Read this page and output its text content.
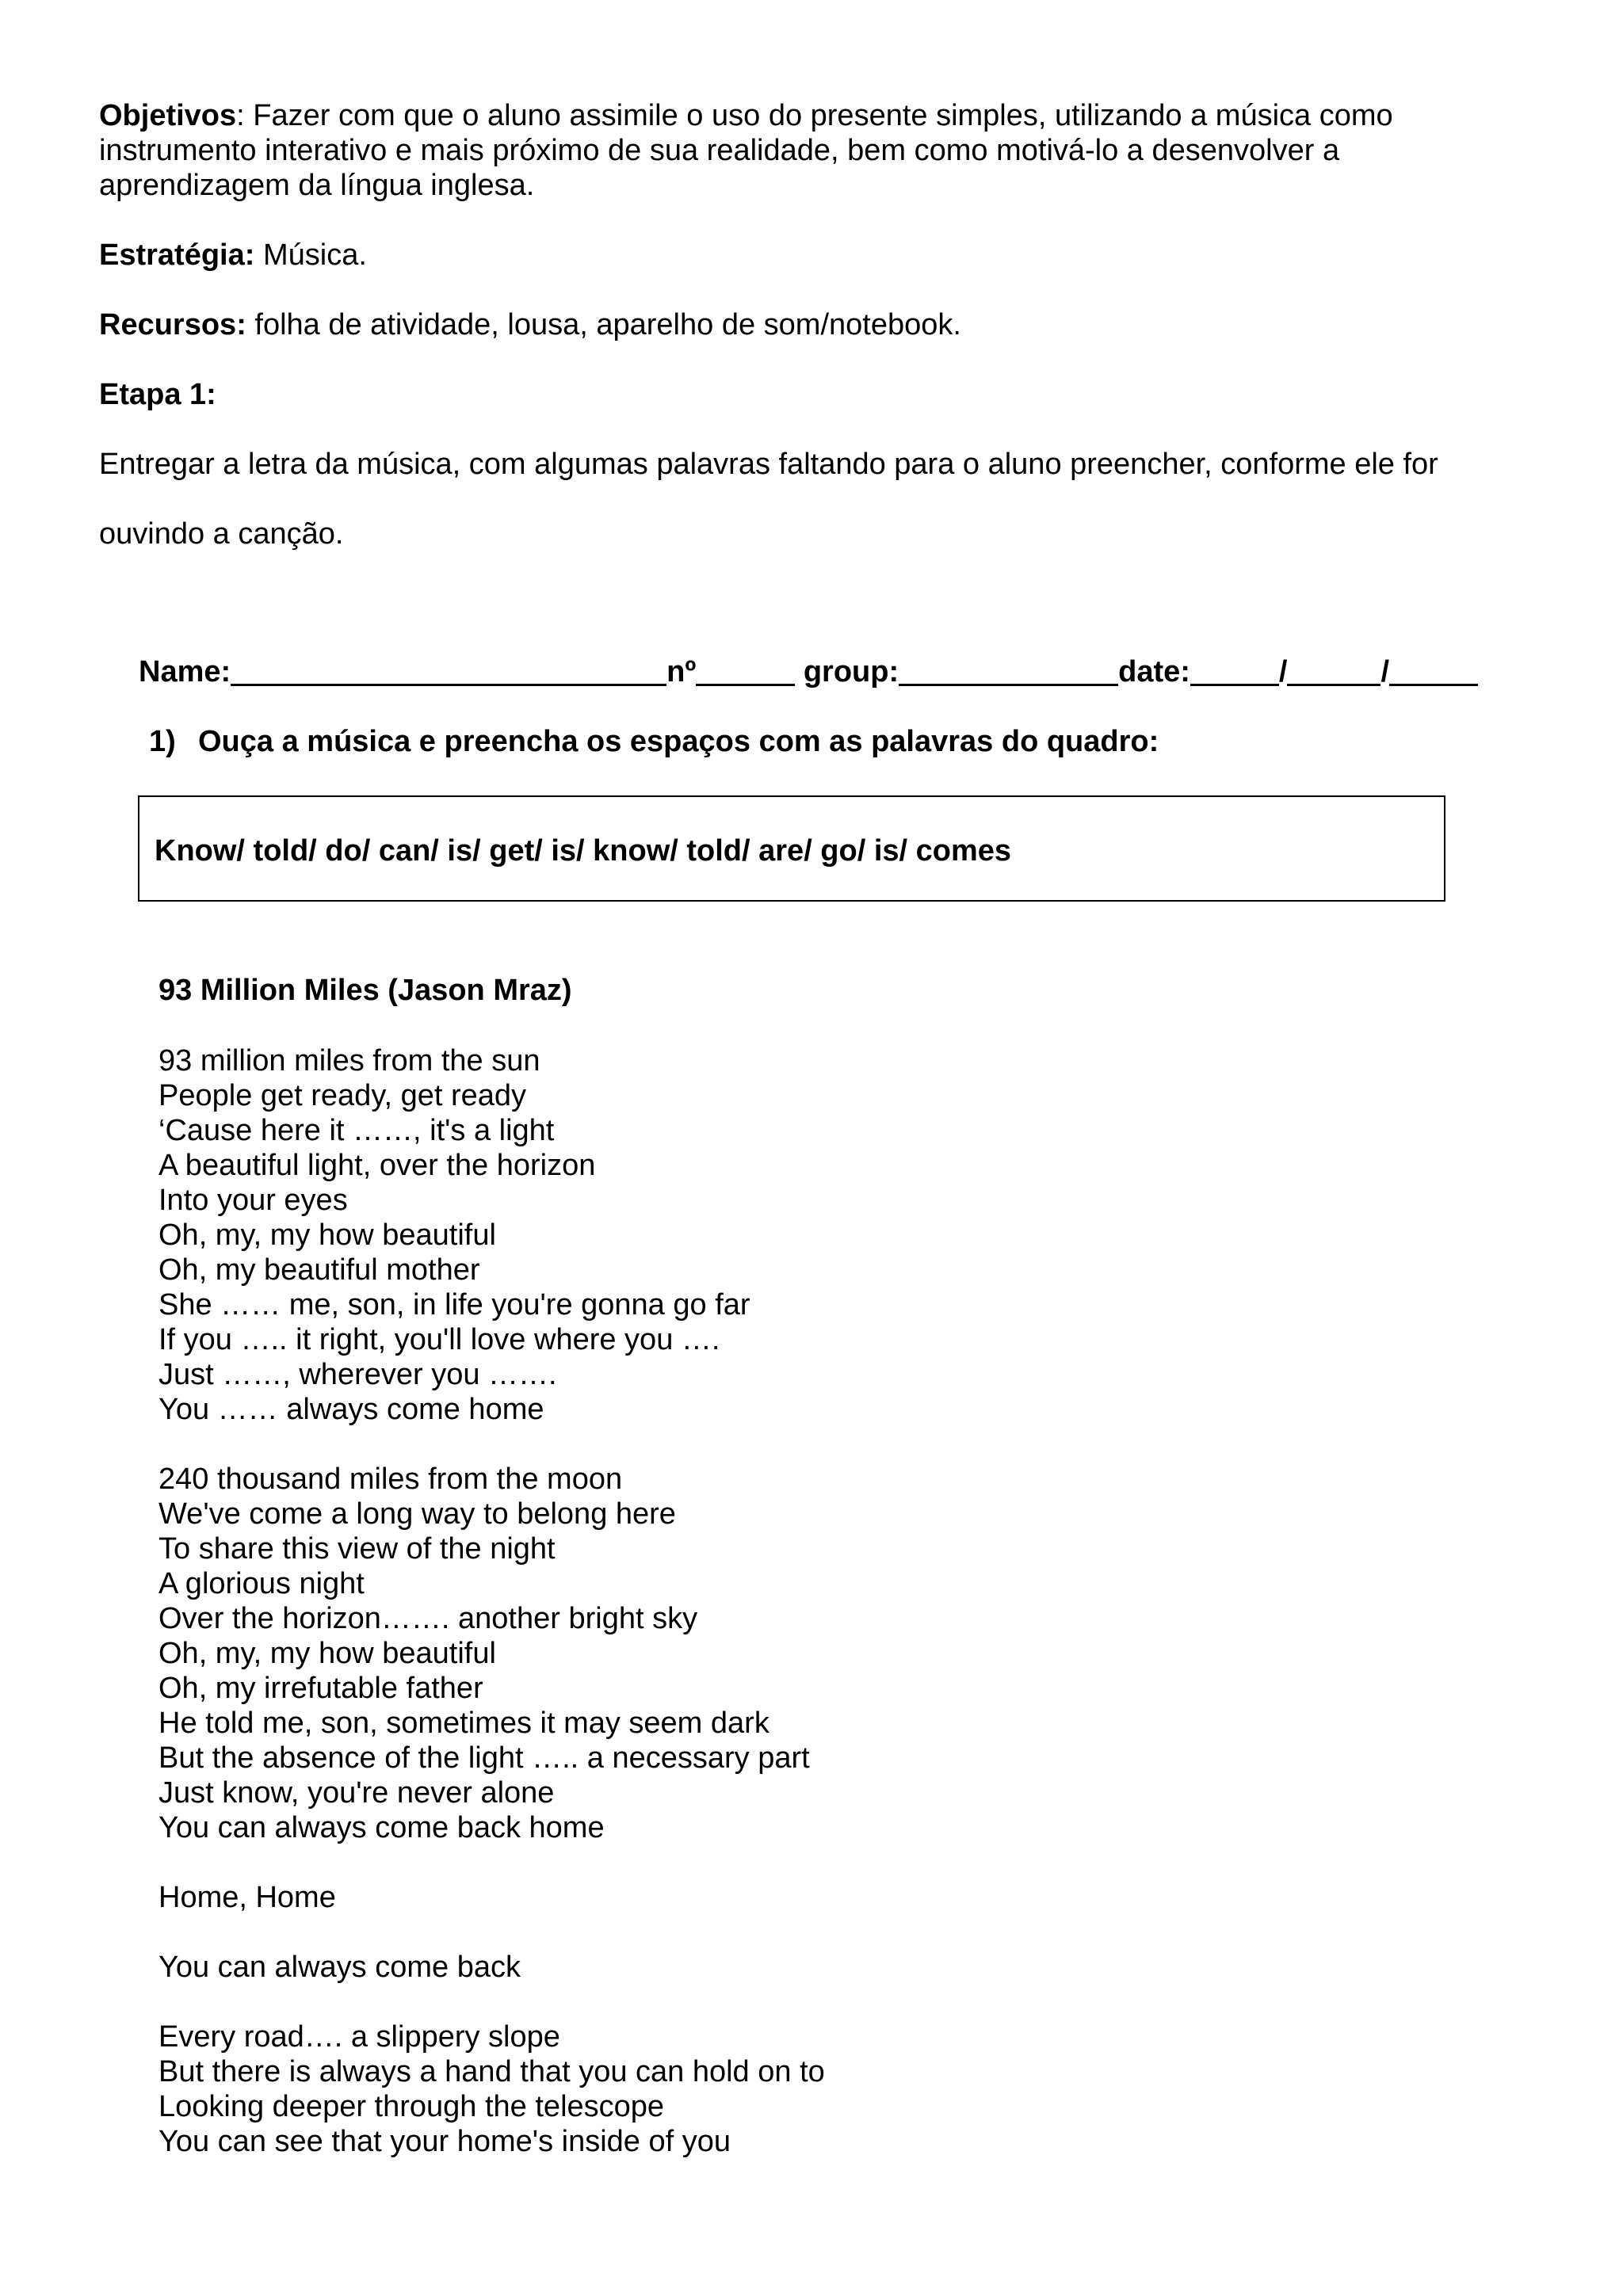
Objetivos: Fazer com que o aluno assimile o uso do presente simples, utilizando a música como instrumento interativo e mais próximo de sua realidade, bem como motivá-lo a desenvolver a aprendizagem da língua inglesa.

Estratégia: Música.

Recursos: folha de atividade, lousa, aparelho de som/notebook.

Etapa 1:

Entregar a letra da música, com algumas palavras faltando para o aluno preencher, conforme ele for

ouvindo a canção.

Name:	nº	group:	date:	/	/
1) Ouça a música e preencha os espaços com as palavras do quadro:
Know/ told/ do/ can/ is/ get/ is/ know/ told/ are/ go/ is/ comes
93 Million Miles (Jason Mraz)
93 million miles from the sun
People get ready, get ready
‘Cause here it ……, it's a light
A beautiful light, over the horizon
Into your eyes
Oh, my, my how beautiful
Oh, my beautiful mother
She …… me, son, in life you're gonna go far
If you ….. it right, you'll love where you ….
Just ……, wherever you …….
You …… always come home
240 thousand miles from the moon
We've come a long way to belong here
To share this view of the night
A glorious night
Over the horizon……. another bright sky
Oh, my, my how beautiful
Oh, my irrefutable father
He told me, son, sometimes it may seem dark
But the absence of the light ….. a necessary part
Just know, you're never alone
You can always come back home
Home, Home
You can always come back
Every road…. a slippery slope
But there is always a hand that you can hold on to
Looking deeper through the telescope
You can see that your home's inside of you
